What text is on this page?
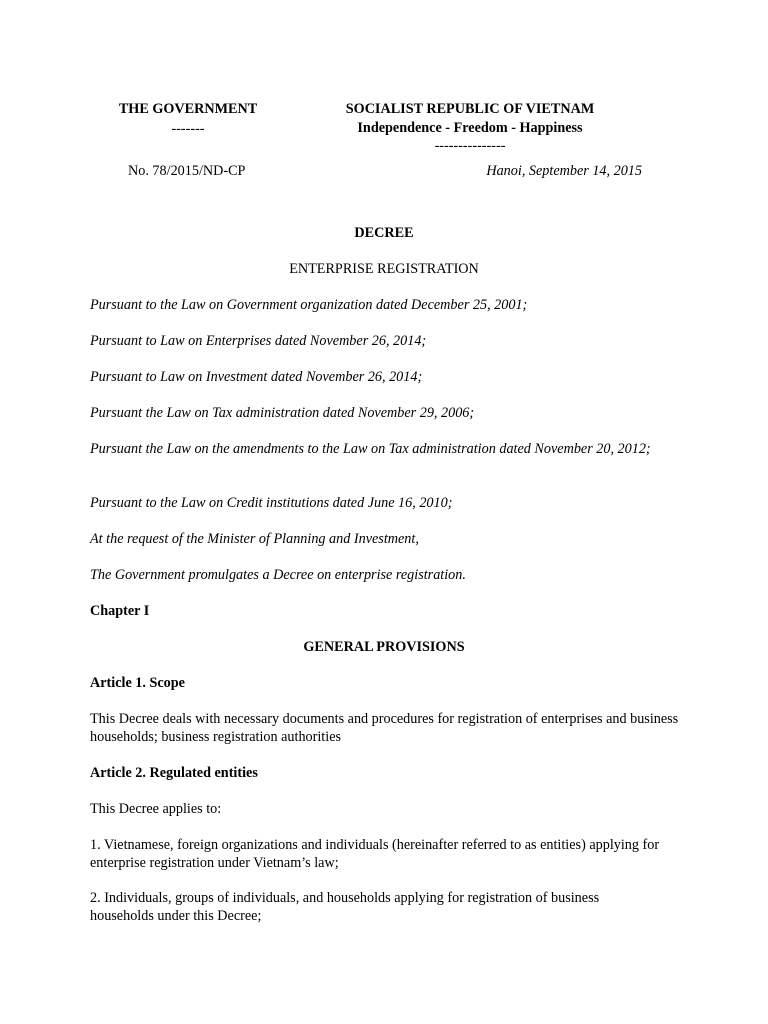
THE GOVERNMENT
-------
SOCIALIST REPUBLIC OF VIETNAM
Independence - Freedom - Happiness
---------------
No. 78/2015/ND-CP	Hanoi, September 14, 2015
DECREE
ENTERPRISE REGISTRATION
Pursuant to the Law on Government organization dated December 25, 2001;
Pursuant to Law on Enterprises dated November 26, 2014;
Pursuant to Law on Investment dated November 26, 2014;
Pursuant the Law on Tax administration dated November 29, 2006;
Pursuant the Law on the amendments to the Law on Tax administration dated November 20, 2012;
Pursuant to the Law on Credit institutions dated June 16, 2010;
At the request of the Minister of Planning and Investment,
The Government promulgates a Decree on enterprise registration.
Chapter I
GENERAL PROVISIONS
Article 1. Scope
This Decree deals with necessary documents and procedures for registration of enterprises and business households; business registration authorities
Article 2. Regulated entities
This Decree applies to:
1. Vietnamese, foreign organizations and individuals (hereinafter referred to as entities) applying for enterprise registration under Vietnam’s law;
2. Individuals, groups of individuals, and households applying for registration of business households under this Decree;
